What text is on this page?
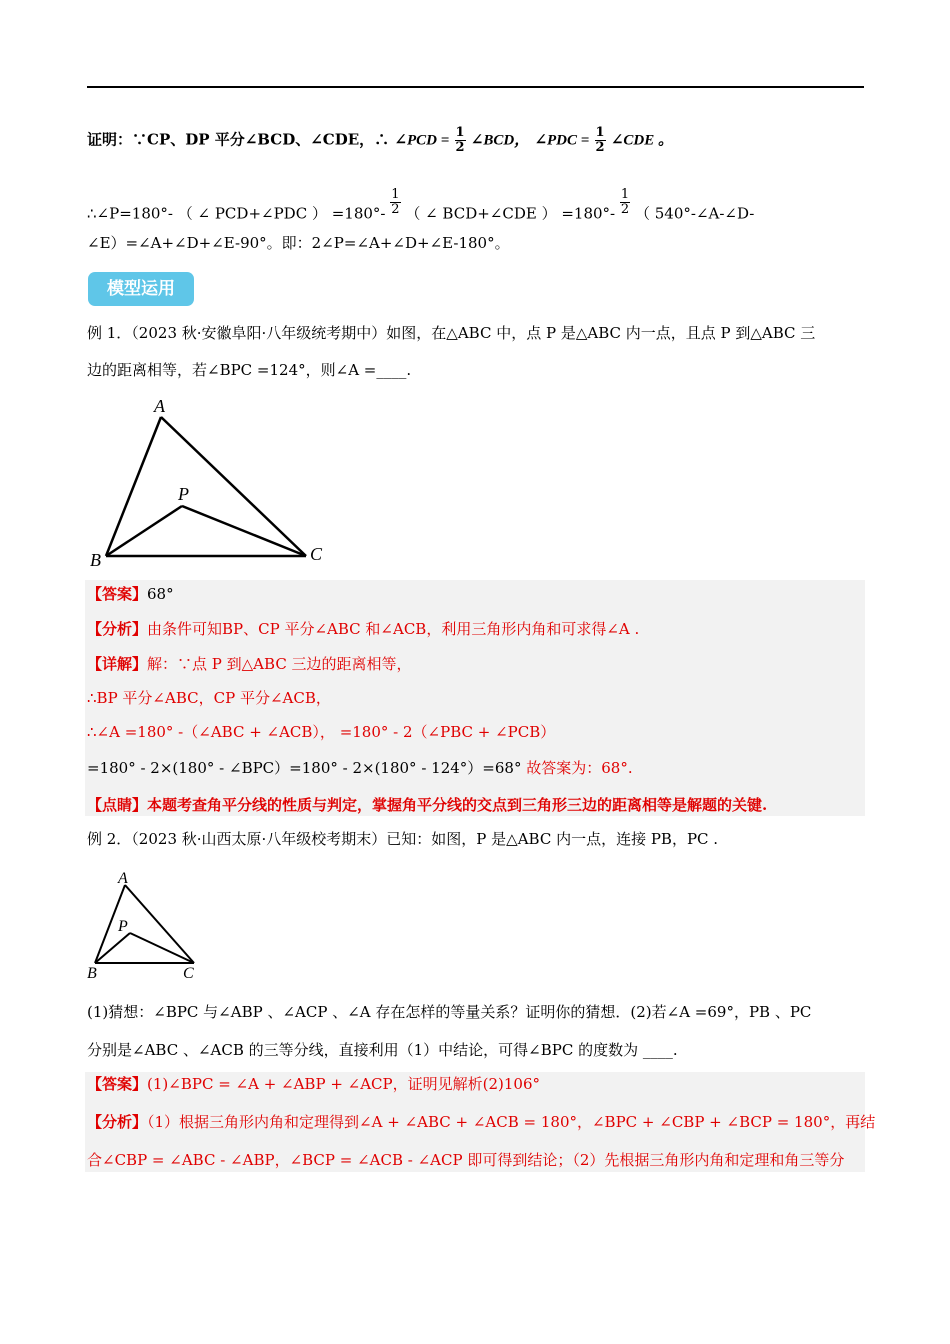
证明：∵CP、DP 平分∠BCD、∠CDE，∴ ∠PCD = $\frac{1}{2}$ ∠BCD， ∠PDC = $\frac{1}{2}$ ∠CDE 。
∴∠P=180°- （ ∠ PCD+∠PDC ） $=180^\circ- \frac{1}{2}$ （ ∠ BCD+∠CDE ） $=180^\circ- \frac{1}{2}$ （ 540°-∠A-∠D-
∠E）=∠A+∠D+∠E-90°。即：2∠P=∠A+∠D+∠E-180°。
模型运用
例 1．（2023 秋·安徽阜阳·八年级统考期中）如图，在△ABC 中，点 P 是△ABC 内一点，且点 P 到△ABC 三
边的距离相等，若∠BPC =124°，则∠A =____.
A
B	C
P
【答案】68°
【分析】由条件可知BP、CP 平分∠ABC 和∠ACB，利用三角形内角和可求得∠A .
【详解】解：∵点 P 到△ABC 三边的距离相等，
∴BP 平分∠ABC，CP 平分∠ACB，
∴∠A =180° -（∠ABC + ∠ACB）， =180° - 2（∠PBC + ∠PCB）
=180° - 2×(180° - ∠BPC）=180° - 2×(180° - 124°）=68° 故答案为：68°.
【点睛】本题考查角平分线的性质与判定，掌握角平分线的交点到三角形三边的距离相等是解题的关键.
例 2．（2023 秋·山西太原·八年级校考期末）已知：如图，P 是△ABC 内一点，连接 PB，PC .
A
B	C
P
(1)猜想：∠BPC 与∠ABP 、∠ACP 、∠A 存在怎样的等量关系？证明你的猜想．(2)若∠A =69°，PB 、PC
分别是∠ABC 、∠ACB 的三等分线，直接利用（1）中结论，可得∠BPC 的度数为 ____.
【答案】(1)∠BPC = ∠A + ∠ABP + ∠ACP，证明见解析(2)106°
【分析】（1）根据三角形内角和定理得到∠A + ∠ABC + ∠ACB = 180°，∠BPC + ∠CBP + ∠BCP = 180°，再结
合∠CBP = ∠ABC - ∠ABP，∠BCP = ∠ACB - ∠ACP 即可得到结论；（2）先根据三角形内角和定理和角三等分
